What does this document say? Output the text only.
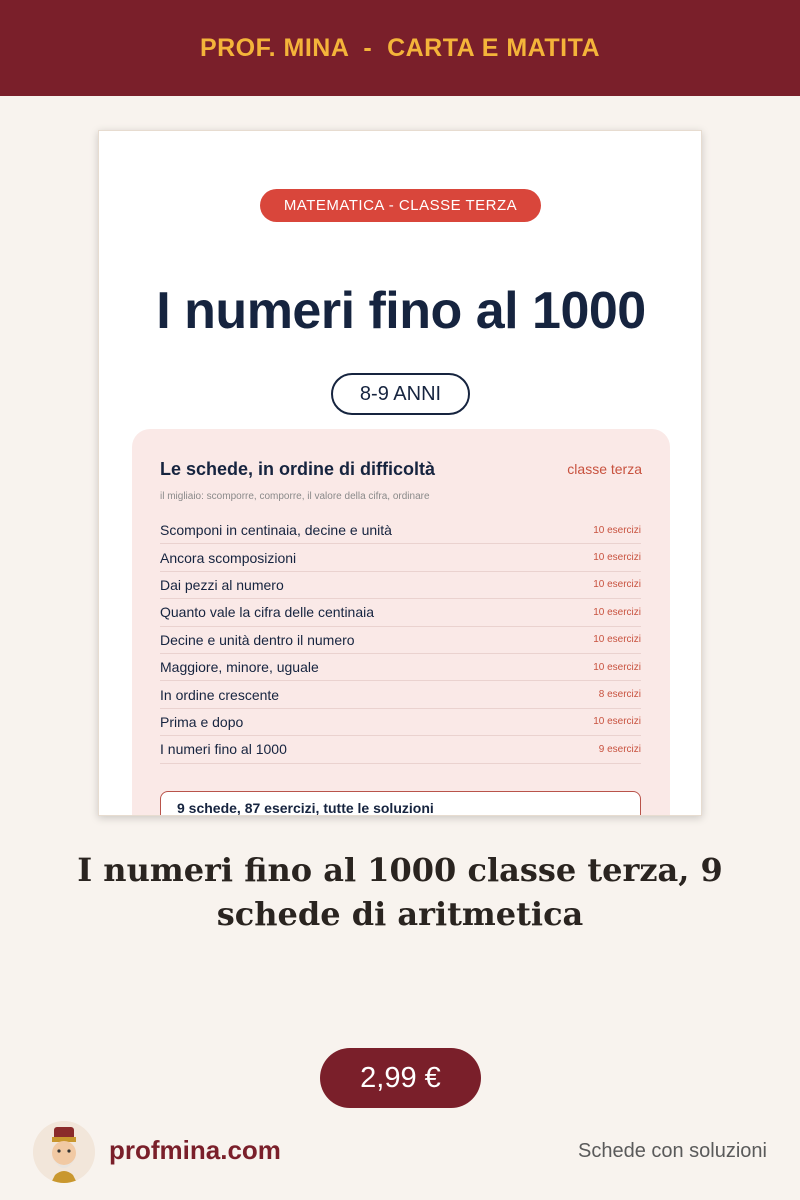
PROF. MINA  -  CARTA E MATITA
MATEMATICA - CLASSE TERZA
I numeri fino al 1000
8-9 ANNI
Le schede, in ordine di difficoltà	classe terza
il migliaio: scomporre, comporre, il valore della cifra, ordinare
Scomponi in centinaia, decine e unità	10 esercizi
Ancora scomposizioni	10 esercizi
Dai pezzi al numero	10 esercizi
Quanto vale la cifra delle centinaia	10 esercizi
Decine e unità dentro il numero	10 esercizi
Maggiore, minore, uguale	10 esercizi
In ordine crescente	8 esercizi
Prima e dopo	10 esercizi
I numeri fino al 1000	9 esercizi
9 schede, 87 esercizi, tutte le soluzioni
I numeri fino al 1000 classe terza, 9 schede di aritmetica
2,99 €
profmina.com	Schede con soluzioni
